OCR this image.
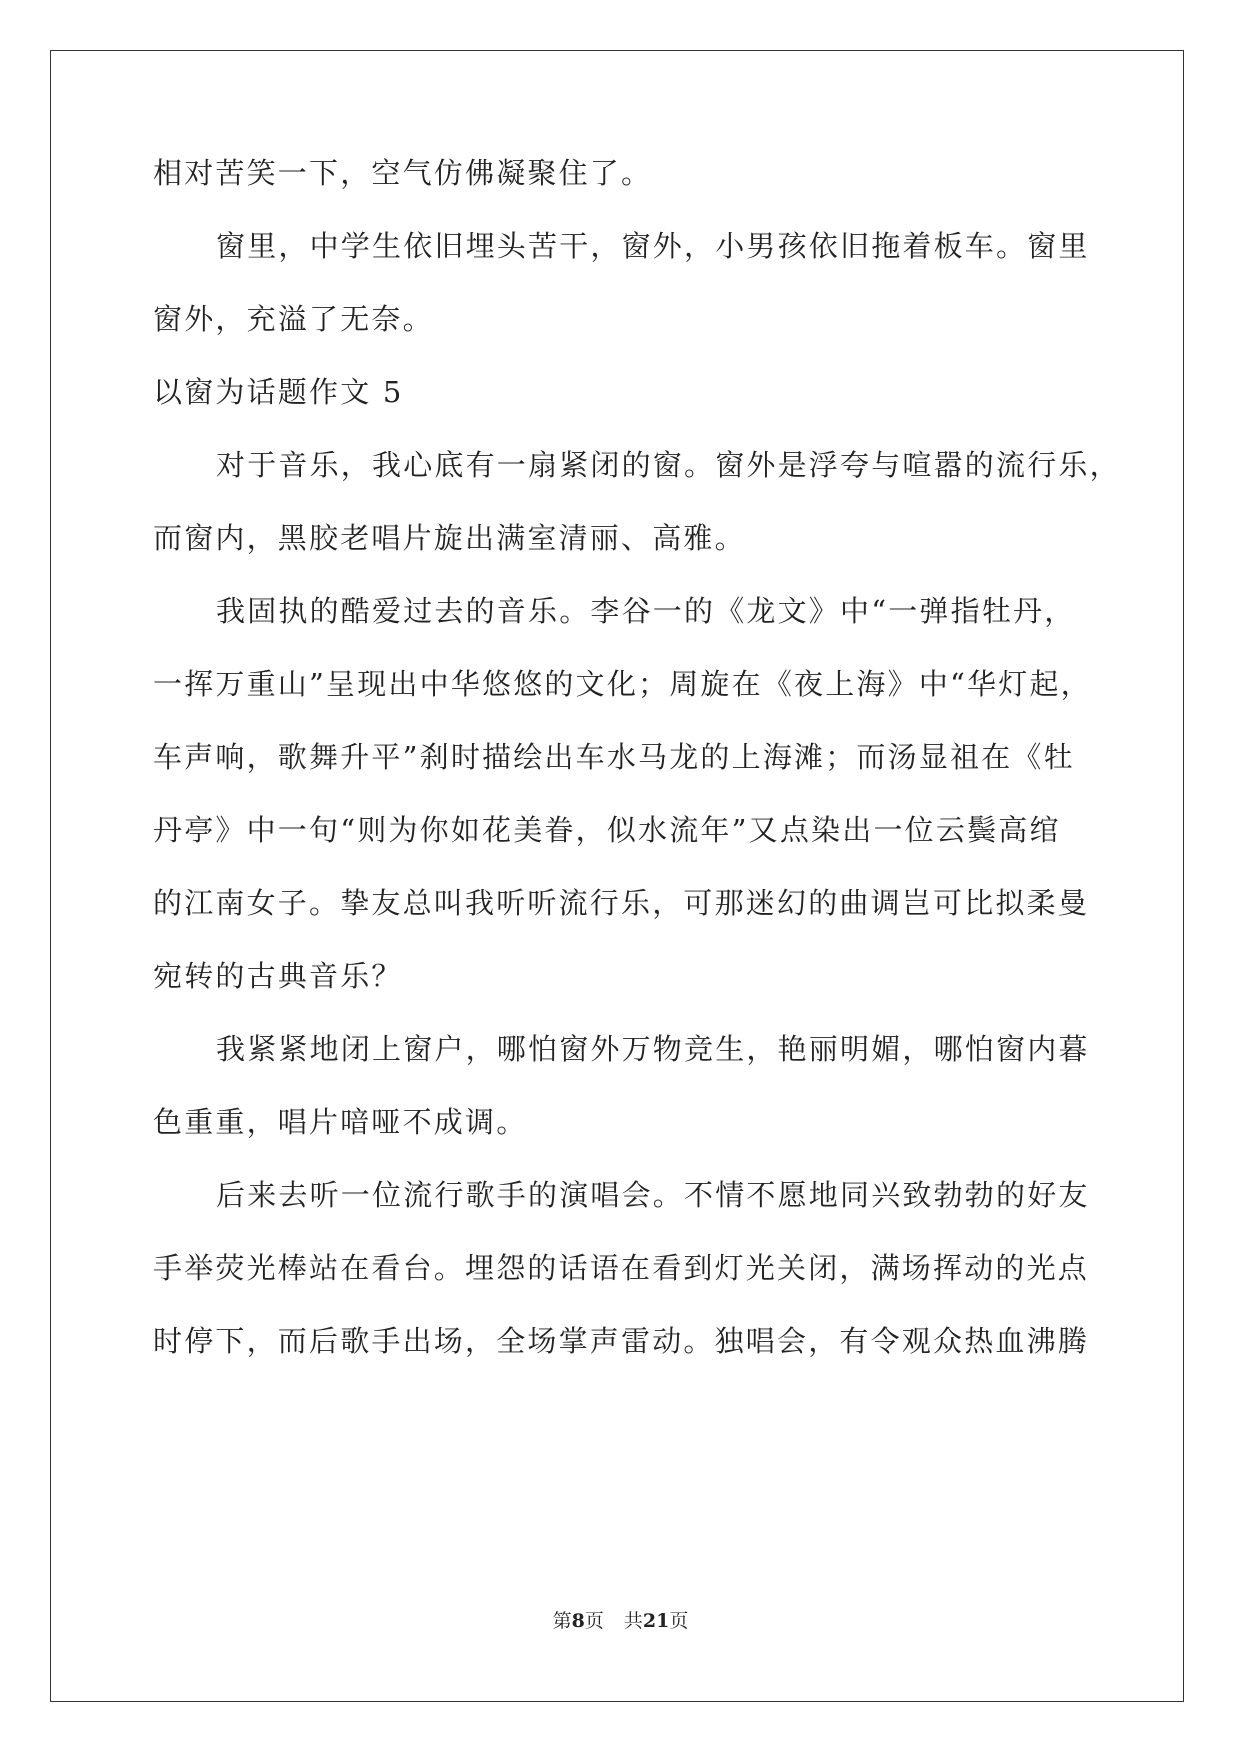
相对苦笑一下，空气仿佛凝聚住了。
窗里，中学生依旧埋头苦干，窗外，小男孩依旧拖着板车。窗里
窗外，充溢了无奈。
以窗为话题作文 5
对于音乐，我心底有一扇紧闭的窗。窗外是浮夸与喧嚣的流行乐，
而窗内，黑胶老唱片旋出满室清丽、高雅。
我固执的酷爱过去的音乐。李谷一的《龙文》中“一弹指牡丹，
一挥万重山”呈现出中华悠悠的文化；周旋在《夜上海》中“华灯起，
车声响，歌舞升平”刹时描绘出车水马龙的上海滩；而汤显祖在《牡
丹亭》中一句“则为你如花美眷，似水流年”又点染出一位云鬓高绾
的江南女子。挚友总叫我听听流行乐，可那迷幻的曲调岂可比拟柔曼
宛转的古典音乐？
我紧紧地闭上窗户，哪怕窗外万物竞生，艳丽明媚，哪怕窗内暮
色重重，唱片喑哑不成调。
后来去听一位流行歌手的演唱会。不情不愿地同兴致勃勃的好友
手举荧光棒站在看台。埋怨的话语在看到灯光关闭，满场挥动的光点
时停下，而后歌手出场，全场掌声雷动。独唱会，有令观众热血沸腾
第8页 共21页
